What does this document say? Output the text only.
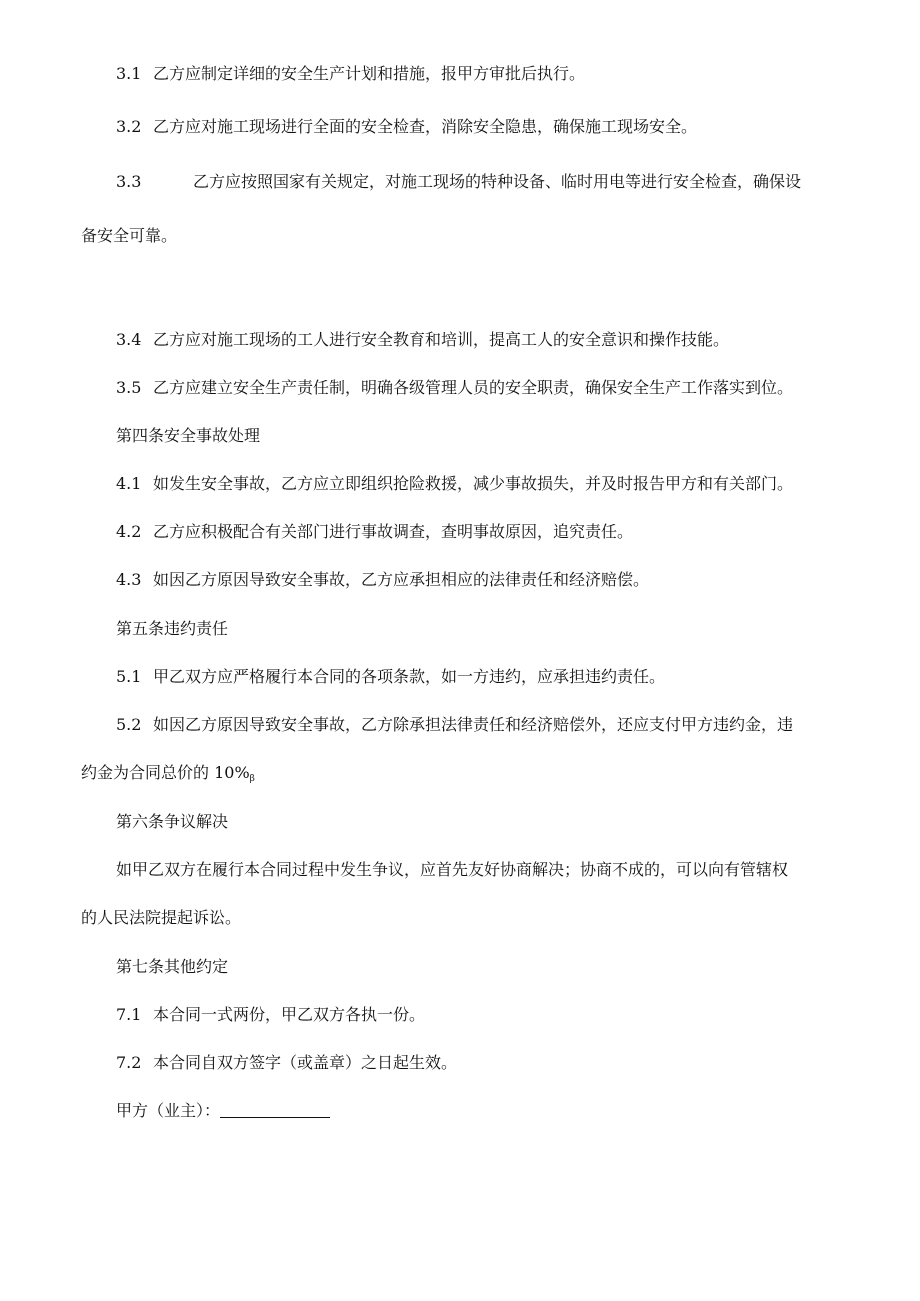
3.1 乙方应制定详细的安全生产计划和措施，报甲方审批后执行。
3.2 乙方应对施工现场进行全面的安全检查，消除安全隐患，确保施工现场安全。
3.3	乙方应按照国家有关规定，对施工现场的特种设备、临时用电等进行安全检查，确保设
备安全可靠。
3.4 乙方应对施工现场的工人进行安全教育和培训，提高工人的安全意识和操作技能。
3.5 乙方应建立安全生产责任制，明确各级管理人员的安全职责，确保安全生产工作落实到位。
第四条安全事故处理
4.1 如发生安全事故，乙方应立即组织抢险救援，减少事故损失，并及时报告甲方和有关部门。
4.2 乙方应积极配合有关部门进行事故调查，查明事故原因，追究责任。
4.3 如因乙方原因导致安全事故，乙方应承担相应的法律责任和经济赔偿。
第五条违约责任
5.1 甲乙双方应严格履行本合同的各项条款，如一方违约，应承担违约责任。
5.2 如因乙方原因导致安全事故，乙方除承担法律责任和经济赔偿外，还应支付甲方违约金，违
约金为合同总价的 $10\%_\beta$
第六条争议解决
如甲乙双方在履行本合同过程中发生争议，应首先友好协商解决；协商不成的，可以向有管辖权
的人民法院提起诉讼。
第七条其他约定
7.1 本合同一式两份，甲乙双方各执一份。
7.2 本合同自双方签字（或盖章）之日起生效。
甲方（业主）：
